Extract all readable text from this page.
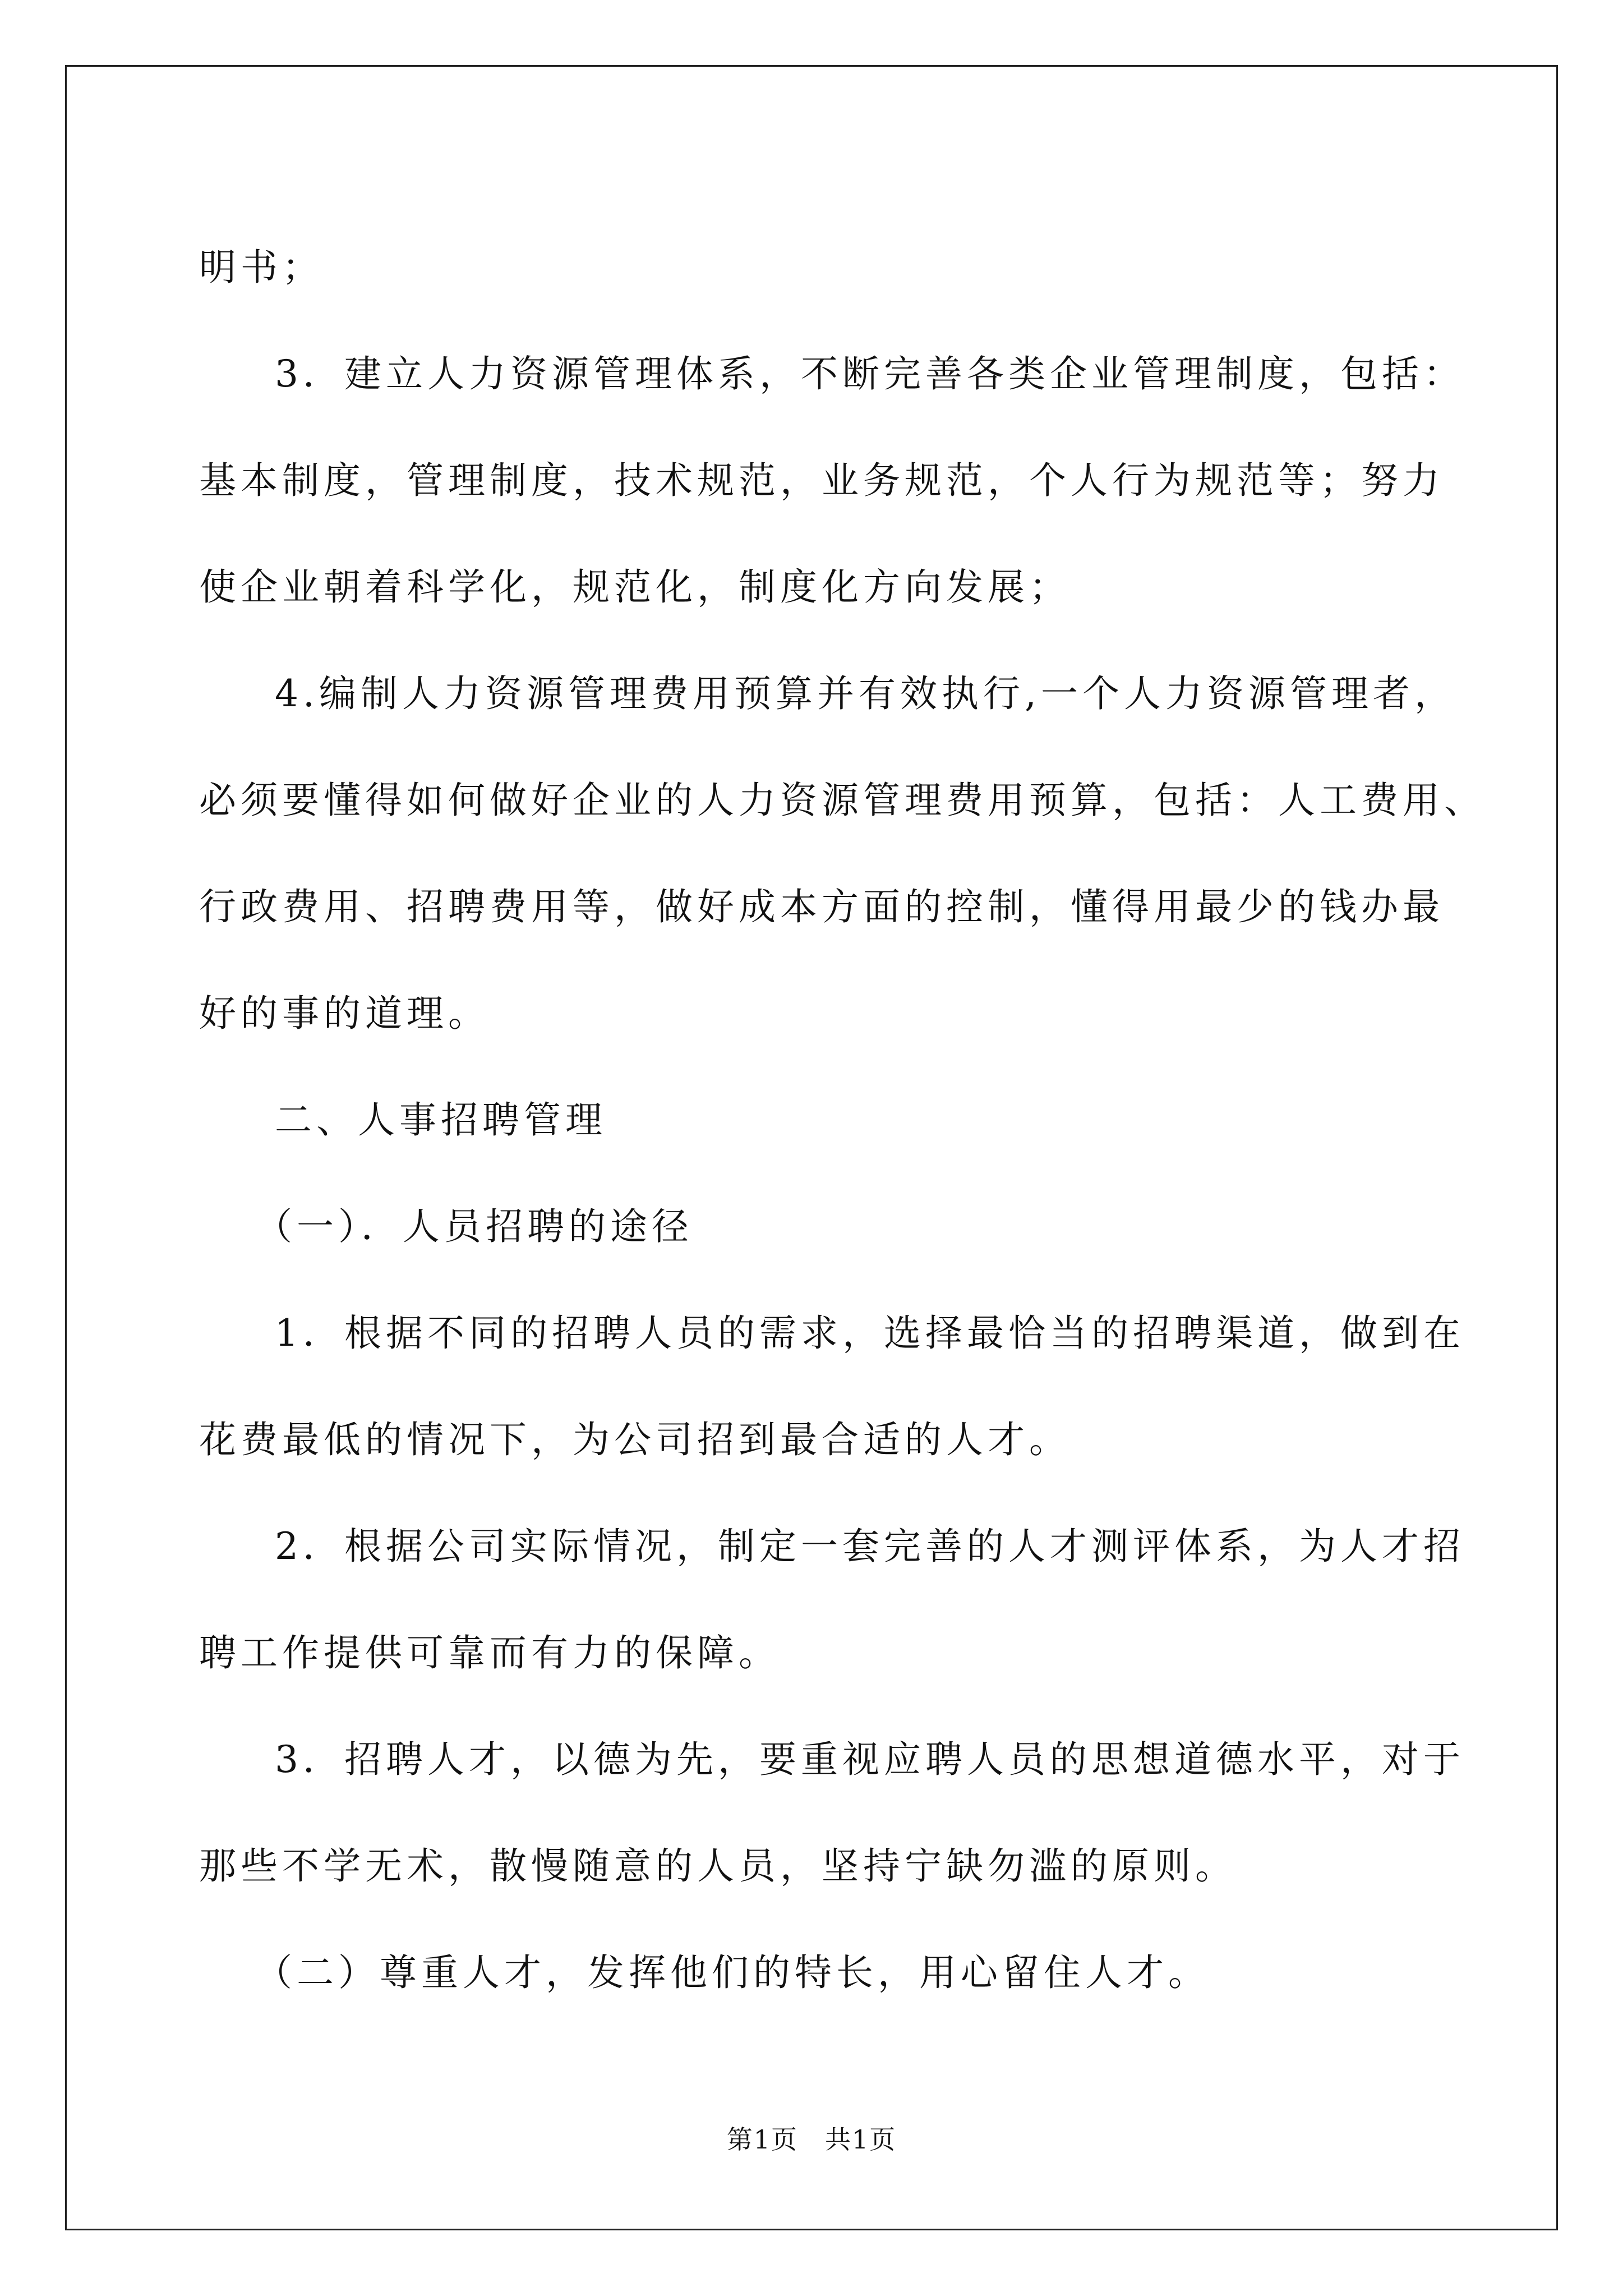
明书；
3．建立人力资源管理体系，不断完善各类企业管理制度，包括：
基本制度，管理制度，技术规范，业务规范，个人行为规范等；努力
使企业朝着科学化，规范化，制度化方向发展；
4.编制人力资源管理费用预算并有效执行,一个人力资源管理者，
必须要懂得如何做好企业的人力资源管理费用预算，包括：人工费用、
行政费用、招聘费用等，做好成本方面的控制，懂得用最少的钱办最
好的事的道理。
二、人事招聘管理
（一）．人员招聘的途径
1．根据不同的招聘人员的需求，选择最恰当的招聘渠道，做到在
花费最低的情况下，为公司招到最合适的人才。
2．根据公司实际情况，制定一套完善的人才测评体系，为人才招
聘工作提供可靠而有力的保障。
3．招聘人才，以德为先，要重视应聘人员的思想道德水平，对于
那些不学无术，散慢随意的人员，坚持宁缺勿滥的原则。
（二）尊重人才，发挥他们的特长，用心留住人才。
第1页　共1页
